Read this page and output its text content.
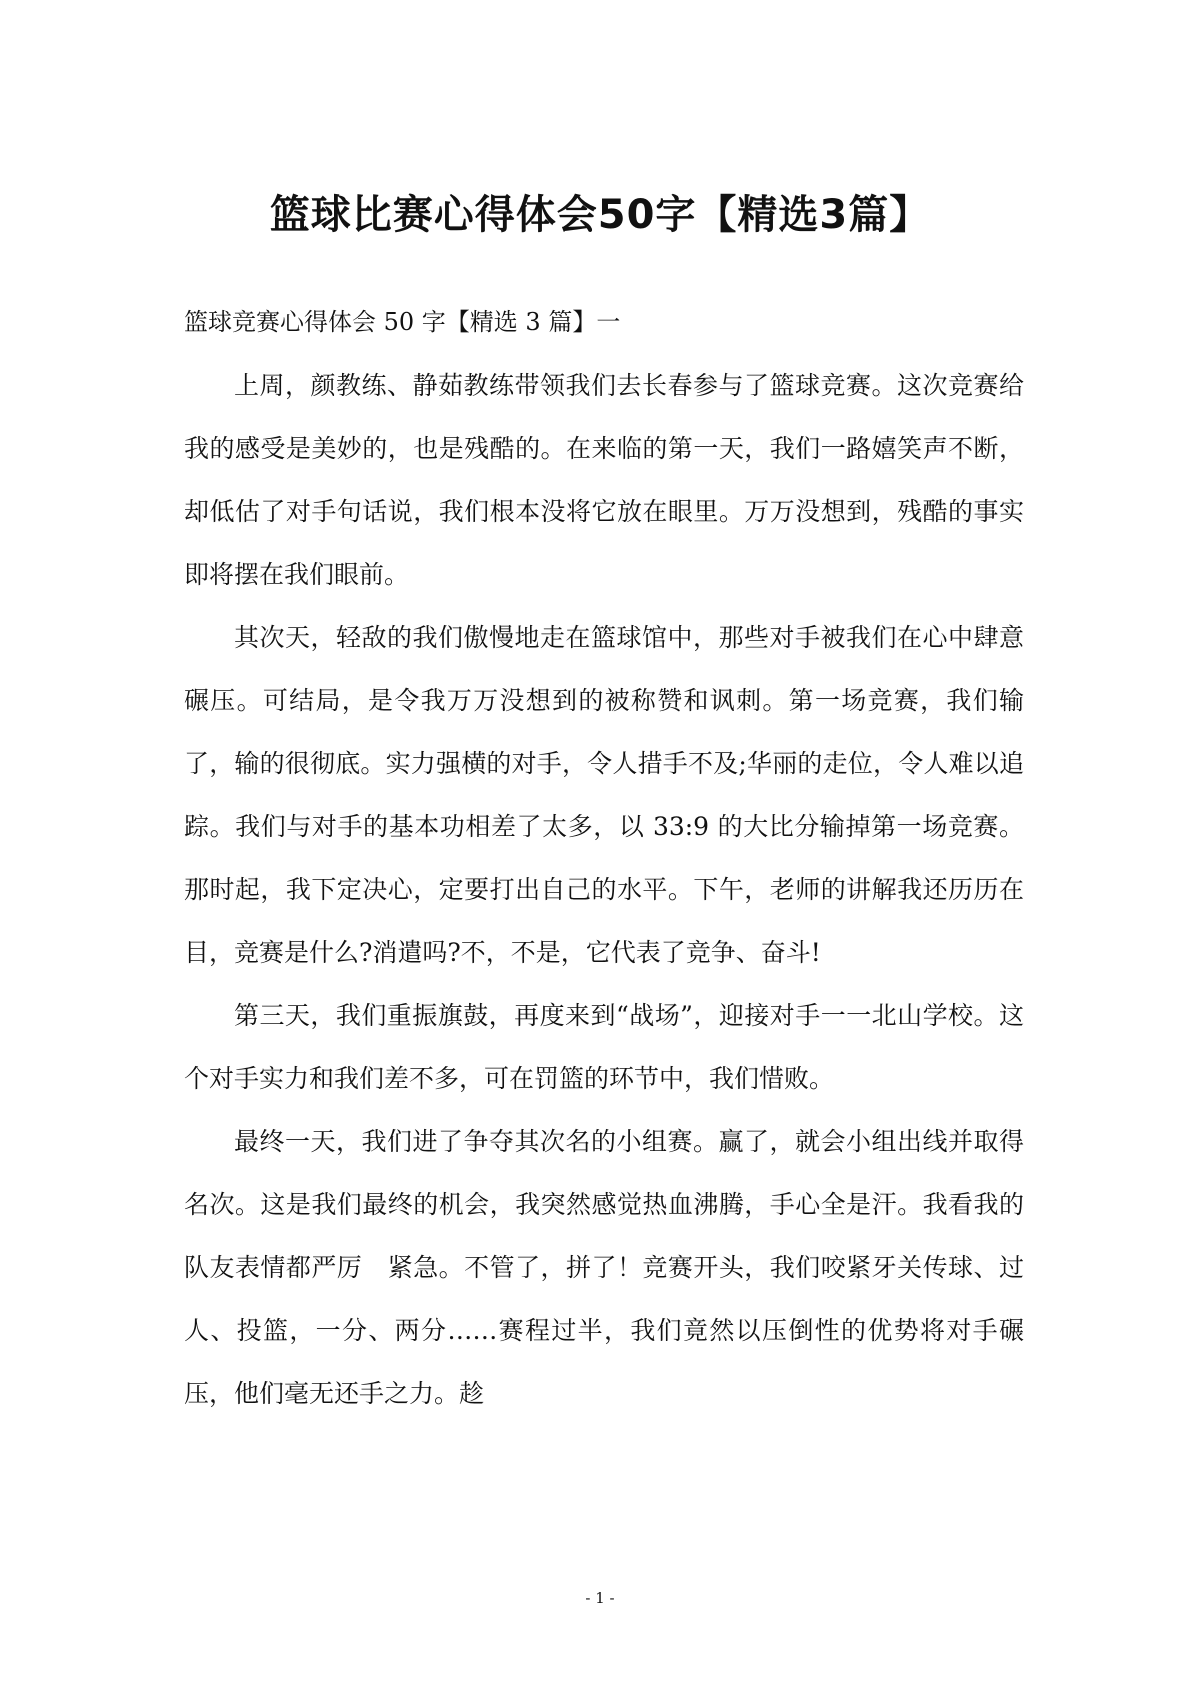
篮球比赛心得体会50字【精选3篇】

篮球竞赛心得体会 50 字【精选 3 篇】一

上周，颜教练、静茹教练带领我们去长春参与了篮球竞赛。这次竞赛给我的感受是美妙的，也是残酷的。在来临的第一天，我们一路嬉笑声不断，却低估了对手句话说，我们根本没将它放在眼里。万万没想到，残酷的事实即将摆在我们眼前。

其次天，轻敌的我们傲慢地走在篮球馆中，那些对手被我们在心中肆意碾压。可结局，是令我万万没想到的被称赞和讽刺。第一场竞赛，我们输了，输的很彻底。实力强横的对手，令人措手不及;华丽的走位，令人难以追踪。我们与对手的基本功相差了太多，以 33:9 的大比分输掉第一场竞赛。那时起，我下定决心，定要打出自己的水平。下午，老师的讲解我还历历在目，竞赛是什么?消遣吗?不，不是，它代表了竞争、奋斗!

第三天，我们重振旗鼓，再度来到“战场”，迎接对手一一北山学校。这个对手实力和我们差不多，可在罚篮的环节中，我们惜败。

最终一天，我们进了争夺其次名的小组赛。赢了，就会小组出线并取得名次。这是我们最终的机会，我突然感觉热血沸腾，手心全是汗。我看我的队友表情都严厉　紧急。不管了，拼了！竞赛开头，我们咬紧牙关传球、过人、投篮，一分、两分……赛程过半，我们竟然以压倒性的优势将对手碾压，他们毫无还手之力。趁

- 1 -
